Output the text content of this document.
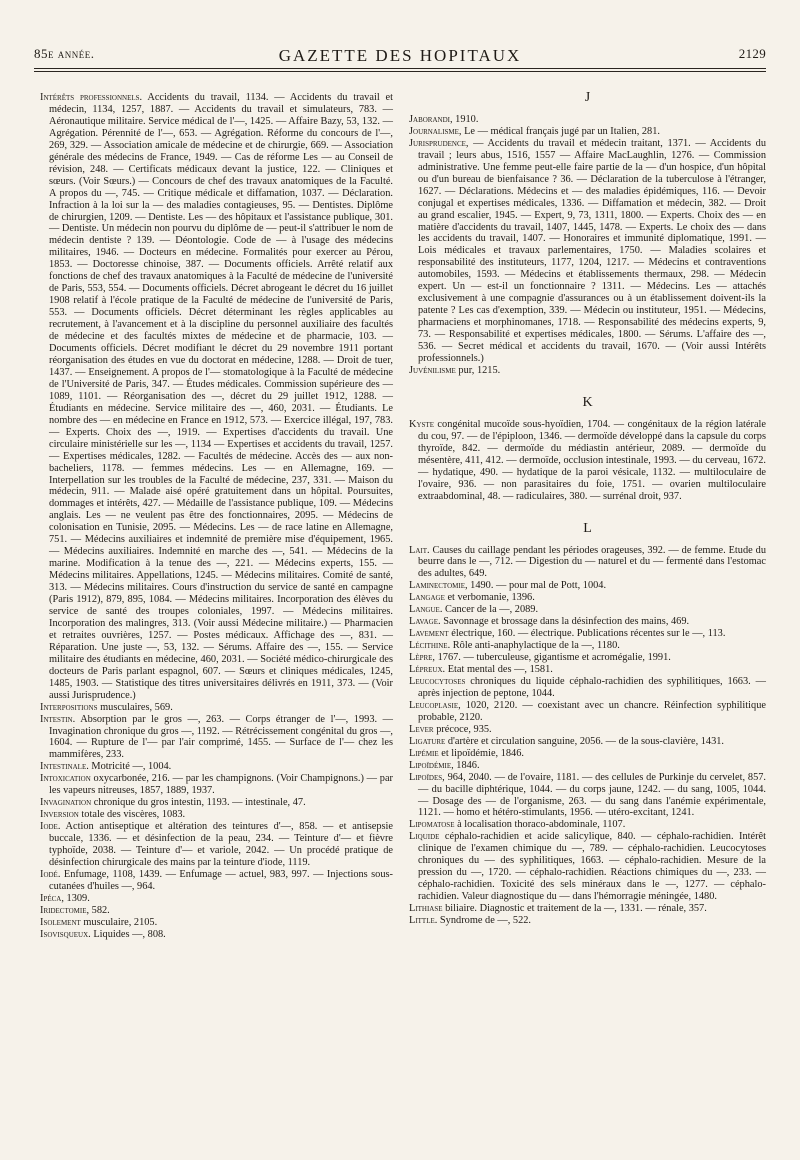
85e année.	GAZETTE DES HOPITAUX	2129

Intérêts professionnels. Accidents du travail, 1134. — Accidents du travail et médecin, 1134, 1257, 1887. — Accidents du travail et simulateurs, 783. — Aéronautique militaire. Service médical de l'—, 1425. — Affaire Bazy, 53, 132. — Agrégation. Pérennité de l'—, 653. — Agrégation. Réforme du concours de l'—, 269, 329. — Association amicale de médecine et de chirurgie, 669. — Association générale des médecins de France, 1949. — Cas de réforme Les — au Conseil de révision, 248. — Certificats médicaux devant la justice, 122. — Cliniques et sœurs. (Voir Sœurs.) — Concours de chef des travaux anatomiques de la Faculté. A propos du —, 745. — Critique médicale et diffamation, 1037. — Déclaration. Infraction à la loi sur la — des maladies contagieuses, 95. — Dentistes. Diplôme de chirurgien, 1209. — Dentiste. Les — des hôpitaux et l'assistance publique, 301. — Dentiste. Un médecin non pourvu du diplôme de — peut-il s'attribuer le nom de médecin dentiste ? 139. — Déontologie. Code de — à l'usage des médecins militaires, 1946. — Docteurs en médecine. Formalités pour exercer au Pérou, 1853. — Doctoresse chinoise, 387. — Documents officiels. Arrêté relatif aux fonctions de chef des travaux anatomiques à la Faculté de médecine de l'université de Paris, 553, 554. — Documents officiels. Décret abrogeant le décret du 16 juillet 1908 relatif à l'école pratique de la Faculté de médecine de l'université de Paris, 553. — Documents officiels. Décret déterminant les règles applicables au recrutement, à l'avancement et à la discipline du personnel auxiliaire des facultés de médecine et des facultés mixtes de médecine et de pharmacie, 103. — Documents officiels. Décret modifiant le décret du 29 novembre 1911 portant réorganisation des études en vue du doctorat en médecine, 1288. — Droit de tuer, 1437. — Enseignement. A propos de l'— stomatologique à la Faculté de médecine de l'Université de Paris, 347. — Études médicales. Commission supérieure des —1089, 1101. — Réorganisation des —, décret du 29 juillet 1912, 1288. — Étudiants en médecine. Service militaire des —, 460, 2031. — Étudiants. Le nombre des — en médecine en France en 1912, 573. — Exercice illégal, 197, 783. — Experts. Choix des —, 1919. — Expertises d'accidents du travail. Une circulaire ministérielle sur les —, 1134 — Expertises et accidents du travail, 1257. — Expertises médicales, 1282. — Facultés de médecine. Accès des — aux non-bacheliers, 1178. — femmes médecins. Les — en Allemagne, 169. — Interpellation sur les troubles de la Faculté de médecine, 237, 331. — Maison du médecin, 911. — Malade aisé opéré gratuitement dans un hôpital. Poursuites, dommages et intérêts, 427. — Médaille de l'assistance publique, 109. — Médecins anglais. Les — ne veulent pas être des fonctionnaires, 2095. — Médecins de colonisation en Tunisie, 2095. — Médecins. Les — de race latine en Allemagne, 751. — Médecins auxiliaires et indemnité de première mise d'équipement, 1965. — Médecins auxiliaires. Indemnité en marche des —, 541. — Médecins de la marine. Modification à la tenue des —, 221. — Médecins experts, 155. — Médecins militaires. Appellations, 1245. — Médecins militaires. Comité de santé, 313. — Médecins militaires. Cours d'instruction du service de santé en campagne (Paris 1912), 879, 895, 1084. — Médecins militaires. Incorporation des élèves du service de santé des troupes coloniales, 1997. — Médecins militaires. Incorporation des malingres, 313. (Voir aussi Médecine militaire.) — Pharmacien et retraites ouvrières, 1257. — Postes médicaux. Affichage des —, 831. — Réparation. Une juste —, 53, 132. — Sérums. Affaire des —, 155. — Service militaire des étudiants en médecine, 460, 2031. — Société médico-chirurgicale des docteurs de Paris parlant espagnol, 607. — Sœurs et cliniques médicales, 1245, 1485, 1903. — Statistique des titres universitaires délivrés en 1911, 373. — (Voir aussi Jurisprudence.)

Interpositions musculaires, 569.

Intestin. Absorption par le gros —, 263. — Corps étranger de l'—, 1993. — Invagination chronique du gros —, 1192. — Rétrécissement congénital du gros —, 1604. — Rupture de l'— par l'air comprimé, 1455. — Surface de l'— chez les mammifères, 233.

Intestinale. Motricité —, 1004.

Intoxication oxycarbonée, 216. — par les champignons. (Voir Champignons.) — par les vapeurs nitreuses, 1857, 1889, 1937.

Invagination chronique du gros intestin, 1193. — intestinale, 47.

Inversion totale des viscères, 1083.

Iode. Action antiseptique et altération des teintures d'—, 858. — et antisepsie buccale, 1336. — et désinfection de la peau, 234. — Teinture d'— et fièvre typhoïde, 2038. — Teinture d'— et variole, 2042. — Un procédé pratique de désinfection chirurgicale des mains par la teinture d'iode, 1119.

Iodé. Enfumage, 1108, 1439. — Enfumage — actuel, 983, 997. — Injections sous-cutanées d'huiles —, 964.

Ipéca, 1309.

Iridectomie, 582.

Isolement musculaire, 2105.

Isovisqueux. Liquides —, 808.

J

Jaborandi, 1910.

Journalisme, Le — médical français jugé par un Italien, 281.

Jurisprudence, — Accidents du travail et médecin traitant, 1371. — Accidents du travail ; leurs abus, 1516, 1557 — Affaire MacLaughlin, 1276. — Commission administrative. Une femme peut-elle faire partie de la — d'un hospice, d'un hôpital ou d'un bureau de bienfaisance ? 36. — Déclaration de la tuberculose à l'étranger, 1627. — Déclarations. Médecins et — des maladies épidémiques, 116. — Devoir conjugal et expertises médicales, 1336. — Diffamation et médecin, 382. — Droit au grand escalier, 1945. — Expert, 9, 73, 1311, 1800. — Experts. Choix des — en matière d'accidents du travail, 1407, 1445, 1478. — Experts. Le choix des — dans les accidents du travail, 1407. — Honoraires et immunité diplomatique, 1991. — Lois médicales et travaux parlementaires, 1750. — Maladies scolaires et responsabilité des instituteurs, 1177, 1204, 1217. — Médecins et contraventions automobiles, 1593. — Médecins et établissements thermaux, 298. — Médecin expert. Un — est-il un fonctionnaire ? 1311. — Médecins. Les — attachés exclusivement à une compagnie d'assurances ou à un établissement doivent-ils la patente ? Les cas d'exemption, 339. — Médecin ou instituteur, 1951. — Médecins, pharmaciens et morphinomanes, 1718. — Responsabilité des médecins experts, 9, 73. — Responsabilité et expertises médicales, 1800. — Sérums. L'affaire des —, 536. — Secret médical et accidents du travail, 1670. — (Voir aussi Intérêts professionnels.)

Juvénilisme pur, 1215.

K

Kyste congénital mucoïde sous-hyoïdien, 1704. — congénitaux de la région latérale du cou, 97. — de l'épiploon, 1346. — dermoïde développé dans la capsule du corps thyroïde, 842. — dermoïde du médiastin antérieur, 2089. — dermoïde du mésentère, 411, 412. — dermoïde, occlusion intestinale, 1993. — du cerveau, 1672. — hydatique, 490. — hydatique de la paroi vésicale, 1132. — multiloculaire de l'ovaire, 936. — non parasitaires du foie, 1751. — ovarien multiloculaire extraabdominal, 48. — radiculaires, 380. — surrénal droit, 937.

L

Lait. Causes du caillage pendant les périodes orageuses, 392. — de femme. Etude du beurre dans le —, 712. — Digestion du — naturel et du — fermenté dans l'estomac des adultes, 649.

Laminectomie, 1490. — pour mal de Pott, 1004.

Langage et verbomanie, 1396.

Langue. Cancer de la —, 2089.

Lavage. Savonnage et brossage dans la désinfection des mains, 469.

Lavement électrique, 160. — électrique. Publications récentes sur le —, 113.

Lécithine. Rôle anti-anaphylactique de la —, 1180.

Lèpre, 1767. — tuberculeuse, gigantisme et acromégalie, 1991.

Lépreux. Etat mental des —, 1581.

Leucocytoses chroniques du liquide céphalo-rachidien des syphilitiques, 1663. — après injection de peptone, 1044.

Leucoplasie, 1020, 2120. — coexistant avec un chancre. Réinfection syphilitique probable, 2120.

Lever précoce, 935.

Ligature d'artère et circulation sanguine, 2056. — de la sous-clavière, 1431.

Lipémie et lipoïdémie, 1846.

Lipoïdémie, 1846.

Lipoïdes, 964, 2040. — de l'ovaire, 1181. — des cellules de Purkinje du cervelet, 857. — du bacille diphtérique, 1044. — du corps jaune, 1242. — du sang, 1005, 1044. — Dosage des — de l'organisme, 263. — du sang dans l'anémie expérimentale, 1121. — homo et hétéro-stimulants, 1956. — utéro-excitant, 1241.

Lipomatose à localisation thoraco-abdominale, 1107.

Liquide céphalo-rachidien et acide salicylique, 840. — céphalo-rachidien. Intérêt clinique de l'examen chimique du —, 789. — céphalo-rachidien. Leucocytoses chroniques du — des syphilitiques, 1663. — céphalo-rachidien. Mesure de la pression du —, 1720. — céphalo-rachidien. Réactions chimiques du —, 233. — céphalo-rachidien. Toxicité des sels minéraux dans le —, 1277. — céphalo-rachidien. Valeur diagnostique du — dans l'hémorragie méningée, 1480.

Lithiase biliaire. Diagnostic et traitement de la —, 1331. — rénale, 357.

Little. Syndrome de —, 522.
